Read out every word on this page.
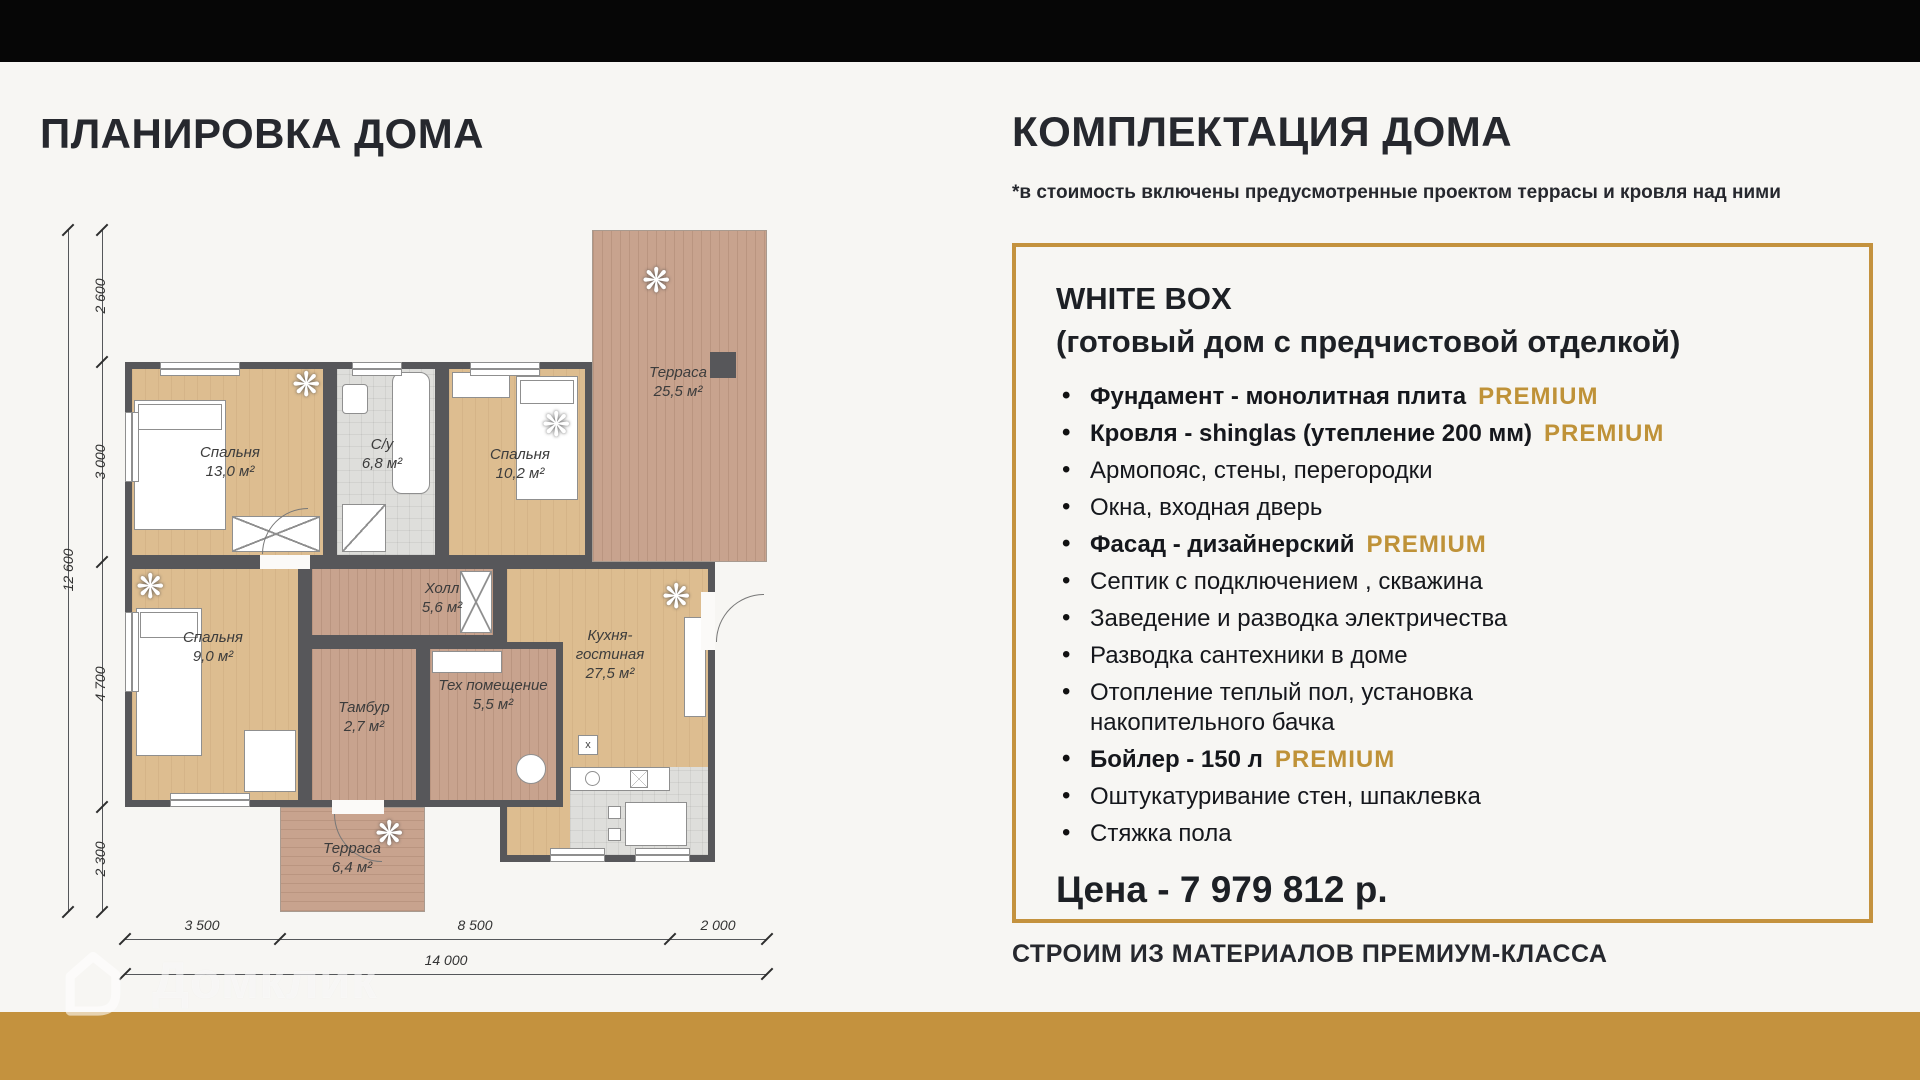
ПЛАНИРОВКА ДОМА
❋
❋
x
❋
❋
❋
❋
Спальня
13,0 м²
С/у
6,8 м²
Спальня
10,2 м²
Терраса
25,5 м²
Холл
5,6 м²
Спальня
9,0 м²
Тамбур
2,7 м²
Тех помещение
5,5 м²
Кухня-гостиная
27,5 м²
Терраса
6,4 м²
12 600
2 600
3 000
4 700
2 300
3 500	8 500	2 000
14 000
КОМПЛЕКТАЦИЯ ДОМА
*в стоимость включены предусмотренные проектом террасы и кровля над ними
WHITE BOX
(готовый дом с предчистовой отделкой)
• Фундамент - монолитная плита PREMIUM
• Кровля - shinglas (утепление 200 мм) PREMIUM
• Армопояс, стены, перегородки
• Окна, входная дверь
• Фасад - дизайнерский PREMIUM
• Септик с подключением , скважина
• Заведение и разводка электричества
• Разводка сантехники в доме
• Отопление теплый пол, установка накопительного бачка
• Бойлер - 150 л PREMIUM
• Оштукатуривание стен, шпаклевка
• Стяжка пола
Цена - 7 979 812 р.
СТРОИМ ИЗ МАТЕРИАЛОВ ПРЕМИУМ-КЛАССА
Домклик
